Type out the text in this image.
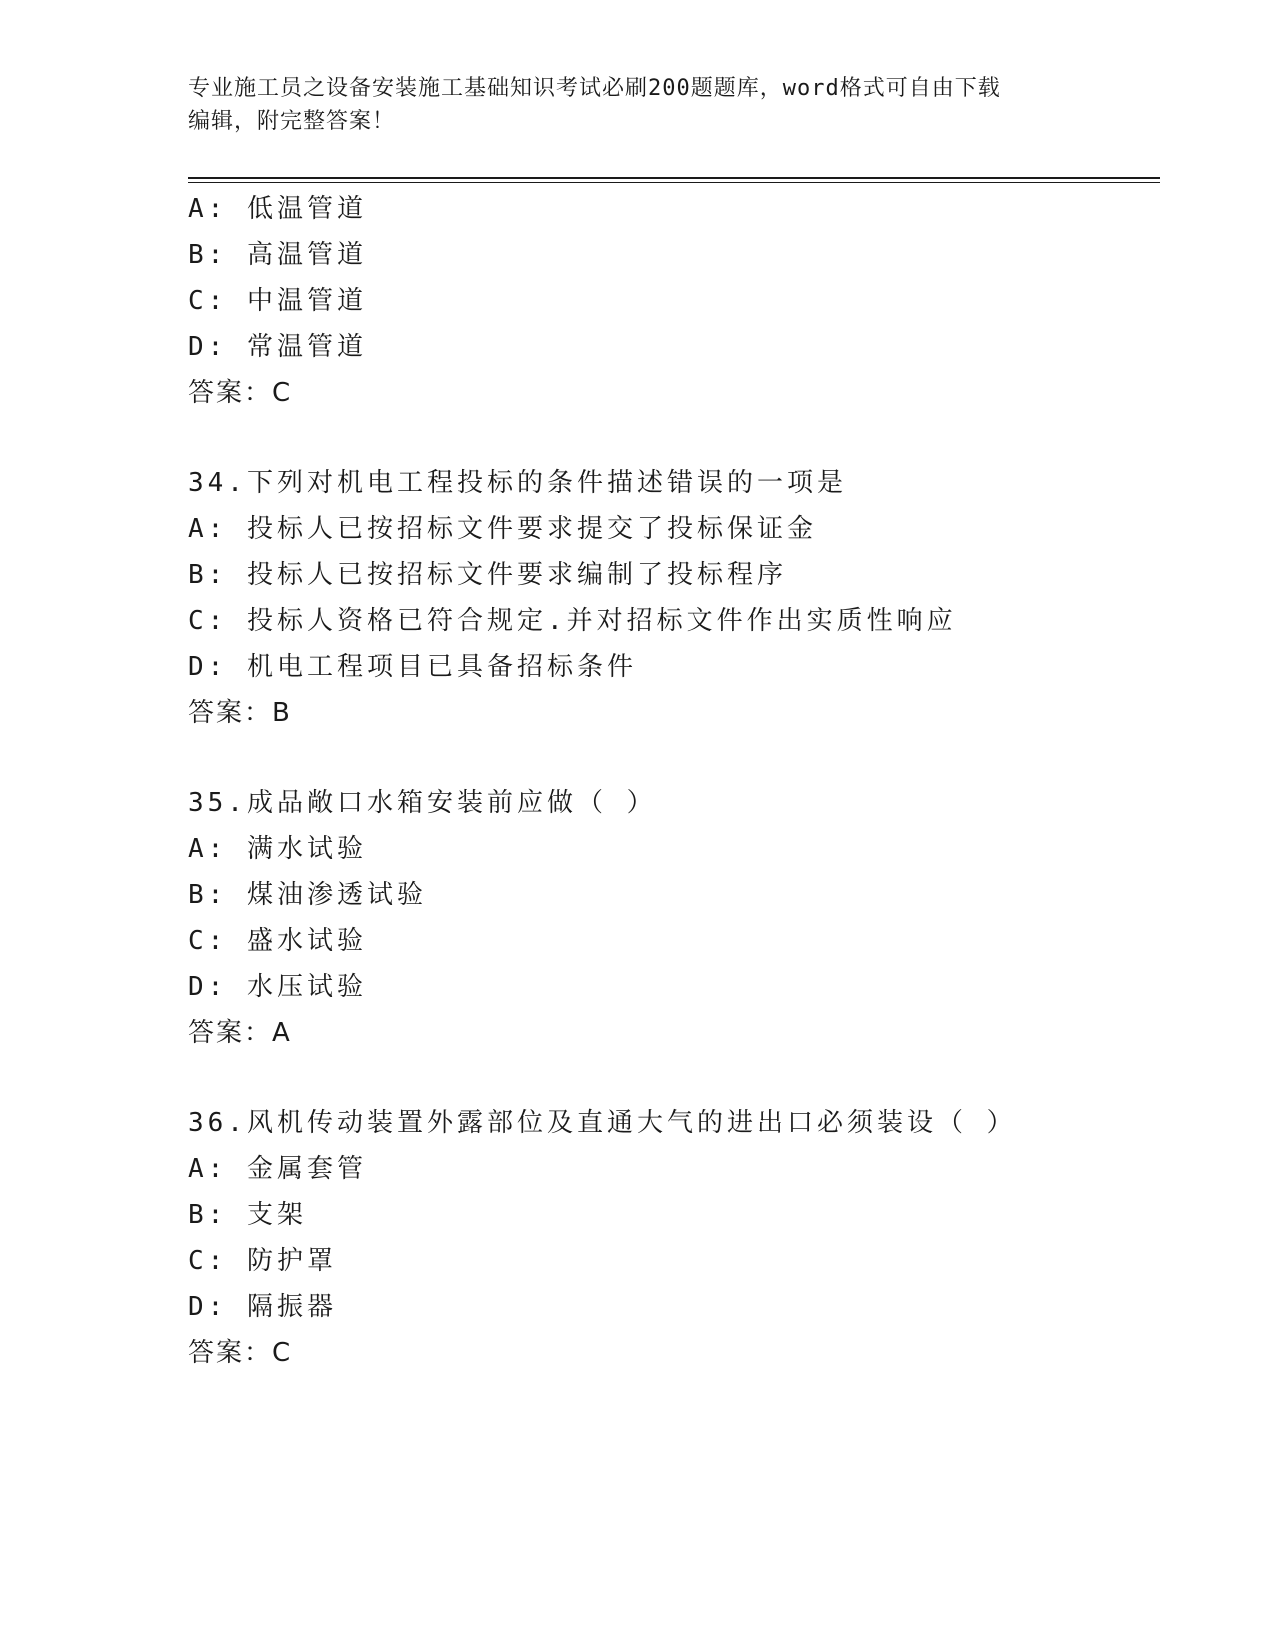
专业施工员之设备安装施工基础知识考试必刷200题题库，word格式可自由下载
编辑，附完整答案！
A: 低温管道
B: 高温管道
C: 中温管道
D: 常温管道
答案：C
34.下列对机电工程投标的条件描述错误的一项是
A: 投标人已按招标文件要求提交了投标保证金
B: 投标人已按招标文件要求编制了投标程序
C: 投标人资格已符合规定.并对招标文件作出实质性响应
D: 机电工程项目已具备招标条件
答案：B
35.成品敞口水箱安装前应做（ ）
A: 满水试验
B: 煤油渗透试验
C: 盛水试验
D: 水压试验
答案：A
36.风机传动装置外露部位及直通大气的进出口必须装设（ ）
A: 金属套管
B: 支架
C: 防护罩
D: 隔振器
答案：C
